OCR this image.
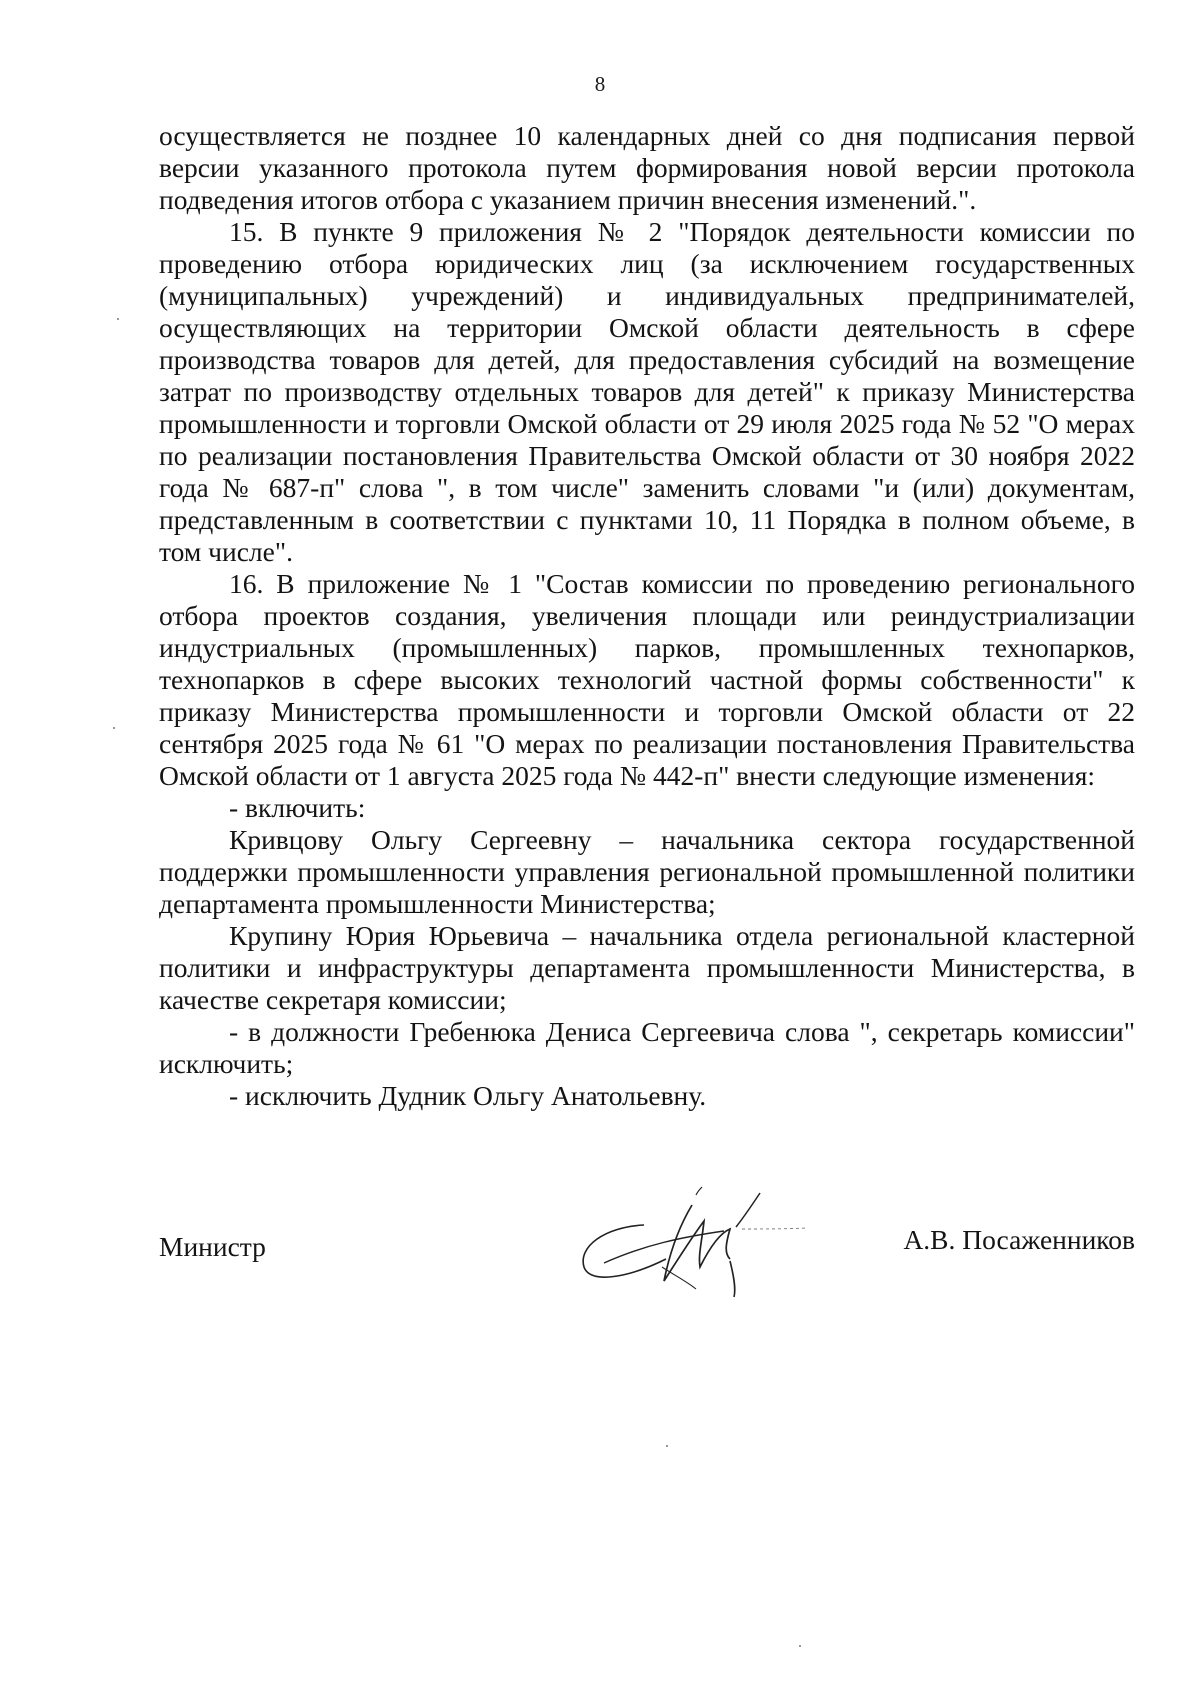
8

осуществляется не позднее 10 календарных дней со дня подписания первой версии указанного протокола путем формирования новой версии протокола подведения итогов отбора с указанием причин внесения изменений.".

15. В пункте 9 приложения № 2 "Порядок деятельности комиссии по проведению отбора юридических лиц (за исключением государственных (муниципальных) учреждений) и индивидуальных предпринимателей, осуществляющих на территории Омской области деятельность в сфере производства товаров для детей, для предоставления субсидий на возмещение затрат по производству отдельных товаров для детей" к приказу Министерства промышленности и торговли Омской области от 29 июля 2025 года № 52 "О мерах по реализации постановления Правительства Омской области от 30 ноября 2022 года № 687-п" слова ", в том числе" заменить словами "и (или) документам, представленным в соответствии с пунктами 10, 11 Порядка в полном объеме, в том числе".

16. В приложение № 1 "Состав комиссии по проведению регионального отбора проектов создания, увеличения площади или реиндустриализации индустриальных (промышленных) парков, промышленных технопарков, технопарков в сфере высоких технологий частной формы собственности" к приказу Министерства промышленности и торговли Омской области от 22 сентября 2025 года № 61 "О мерах по реализации постановления Правительства Омской области от 1 августа 2025 года № 442-п" внести следующие изменения:

- включить:

Кривцову Ольгу Сергеевну – начальника сектора государственной поддержки промышленности управления региональной промышленной политики департамента промышленности Министерства;

Крупину Юрия Юрьевича – начальника отдела региональной кластерной политики и инфраструктуры департамента промышленности Министерства, в качестве секретаря комиссии;

- в должности Гребенюка Дениса Сергеевича слова ", секретарь комиссии" исключить;

- исключить Дудник Ольгу Анатольевну.

Министр	А.В. Посаженников
